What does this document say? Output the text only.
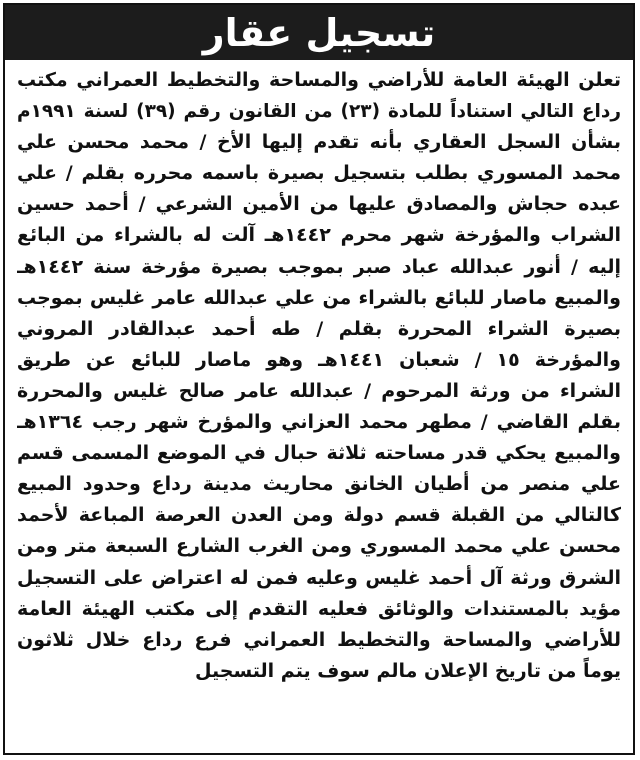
تسجيل عقار
تعلن الهيئة العامة للأراضي والمساحة والتخطيط العمراني مكتب
رداع التالي استناداً للمادة (٢٣) من القانون رقم (٣٩) لسنة ١٩٩١م
بشأن السجل العقاري بأنه تقدم إليها الأخ / محمد محسن علي
محمد المسوري بطلب بتسجيل بصيرة باسمه محرره بقلم / علي
عبده حجاش والمصادق عليها من الأمين الشرعي / أحمد حسين
الشراب والمؤرخة شهر محرم ١٤٤٢هـ آلت له بالشراء من البائع
إليه / أنور عبدالله عباد صبر بموجب بصيرة مؤرخة سنة ١٤٤٢هـ
والمبيع ماصار للبائع بالشراء من علي عبدالله عامر غليس بموجب
بصيرة الشراء المحررة بقلم / طه أحمد عبدالقادر المروني
والمؤرخة ١٥ / شعبان ١٤٤١هـ وهو ماصار للبائع عن طريق
الشراء من ورثة المرحوم / عبدالله عامر صالح غليس والمحررة
بقلم القاضي / مطهر محمد العزاني والمؤرخ شهر رجب ١٣٦٤هـ
والمبيع يحكي قدر مساحته ثلاثة حبال في الموضع المسمى قسم
علي منصر من أطيان الخانق محاريث مدينة رداع وحدود المبيع
كالتالي من القبلة قسم دولة ومن العدن العرصة المباعة لأحمد
محسن علي محمد المسوري ومن الغرب الشارع السبعة متر ومن
الشرق ورثة آل أحمد غليس وعليه فمن له اعتراض على التسجيل
مؤيد بالمستندات والوثائق فعليه التقدم إلى مكتب الهيئة العامة
للأراضي والمساحة والتخطيط العمراني فرع رداع خلال ثلاثون
يوماً من تاريخ الإعلان مالم سوف يتم التسجيل
